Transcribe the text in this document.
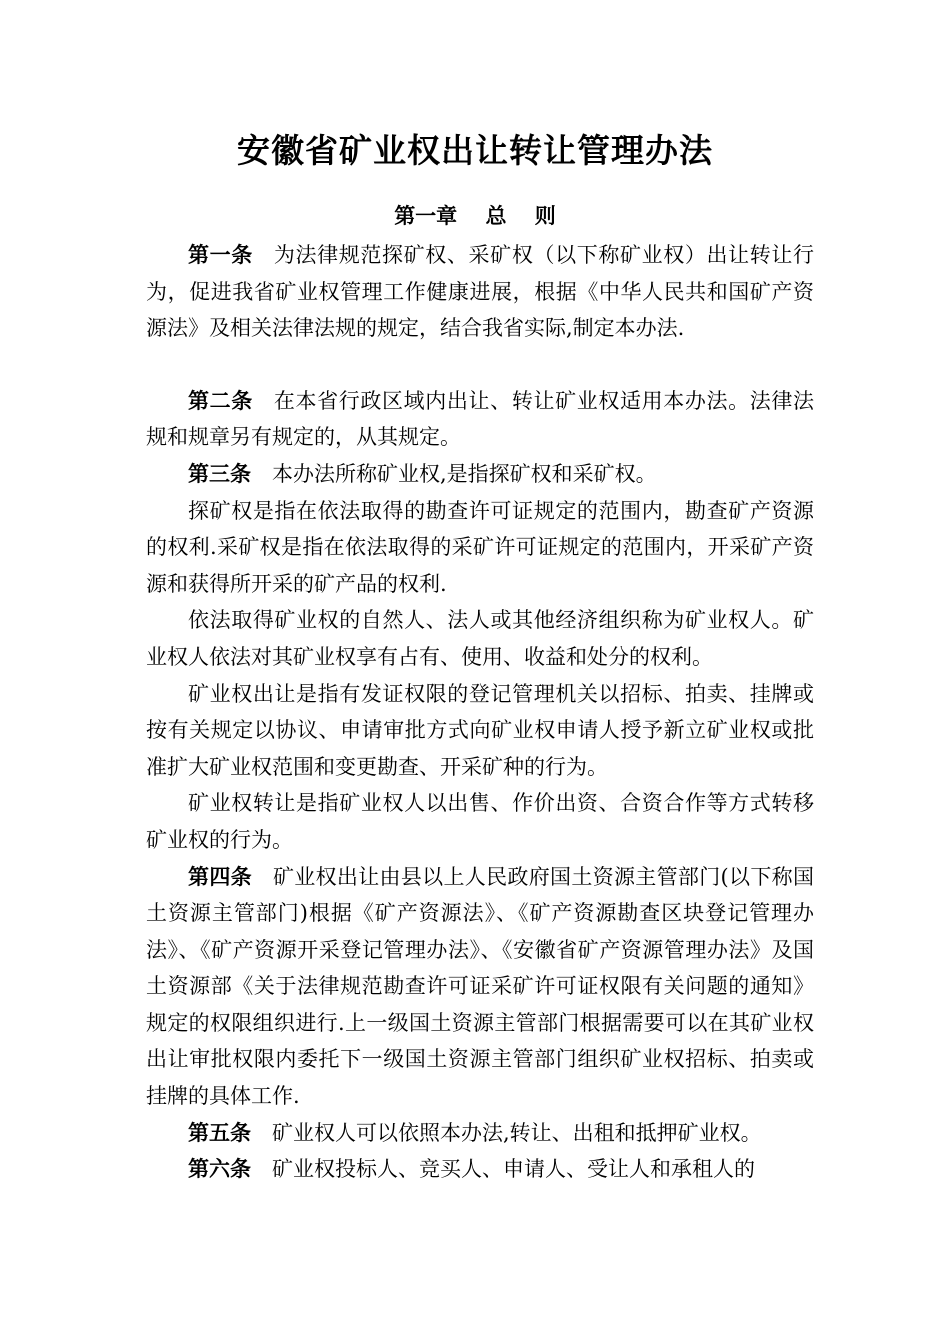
安徽省矿业权出让转让管理办法
第一章　 总　 则

第一条 为法律规范探矿权、采矿权（以下称矿业权）出让转让行为，促进我省矿业权管理工作健康进展，根据《中华人民共和国矿产资源法》及相关法律法规的规定，结合我省实际,制定本办法.

第二条 在本省行政区域内出让、转让矿业权适用本办法。法律法规和规章另有规定的，从其规定。

第三条 本办法所称矿业权,是指探矿权和采矿权。

探矿权是指在依法取得的勘查许可证规定的范围内，勘查矿产资源的权利.采矿权是指在依法取得的采矿许可证规定的范围内，开采矿产资源和获得所开采的矿产品的权利.

依法取得矿业权的自然人、法人或其他经济组织称为矿业权人。矿业权人依法对其矿业权享有占有、使用、收益和处分的权利。

矿业权出让是指有发证权限的登记管理机关以招标、拍卖、挂牌或按有关规定以协议、申请审批方式向矿业权申请人授予新立矿业权或批准扩大矿业权范围和变更勘查、开采矿种的行为。

矿业权转让是指矿业权人以出售、作价出资、合资合作等方式转移矿业权的行为。

第四条 矿业权出让由县以上人民政府国土资源主管部门(以下称国土资源主管部门)根据《矿产资源法》、《矿产资源勘查区块登记管理办法》、《矿产资源开采登记管理办法》、《安徽省矿产资源管理办法》及国土资源部《关于法律规范勘查许可证采矿许可证权限有关问题的通知》规定的权限组织进行.上一级国土资源主管部门根据需要可以在其矿业权出让审批权限内委托下一级国土资源主管部门组织矿业权招标、拍卖或挂牌的具体工作.

第五条 矿业权人可以依照本办法,转让、出租和抵押矿业权。

第六条 矿业权投标人、竞买人、申请人、受让人和承租人的
